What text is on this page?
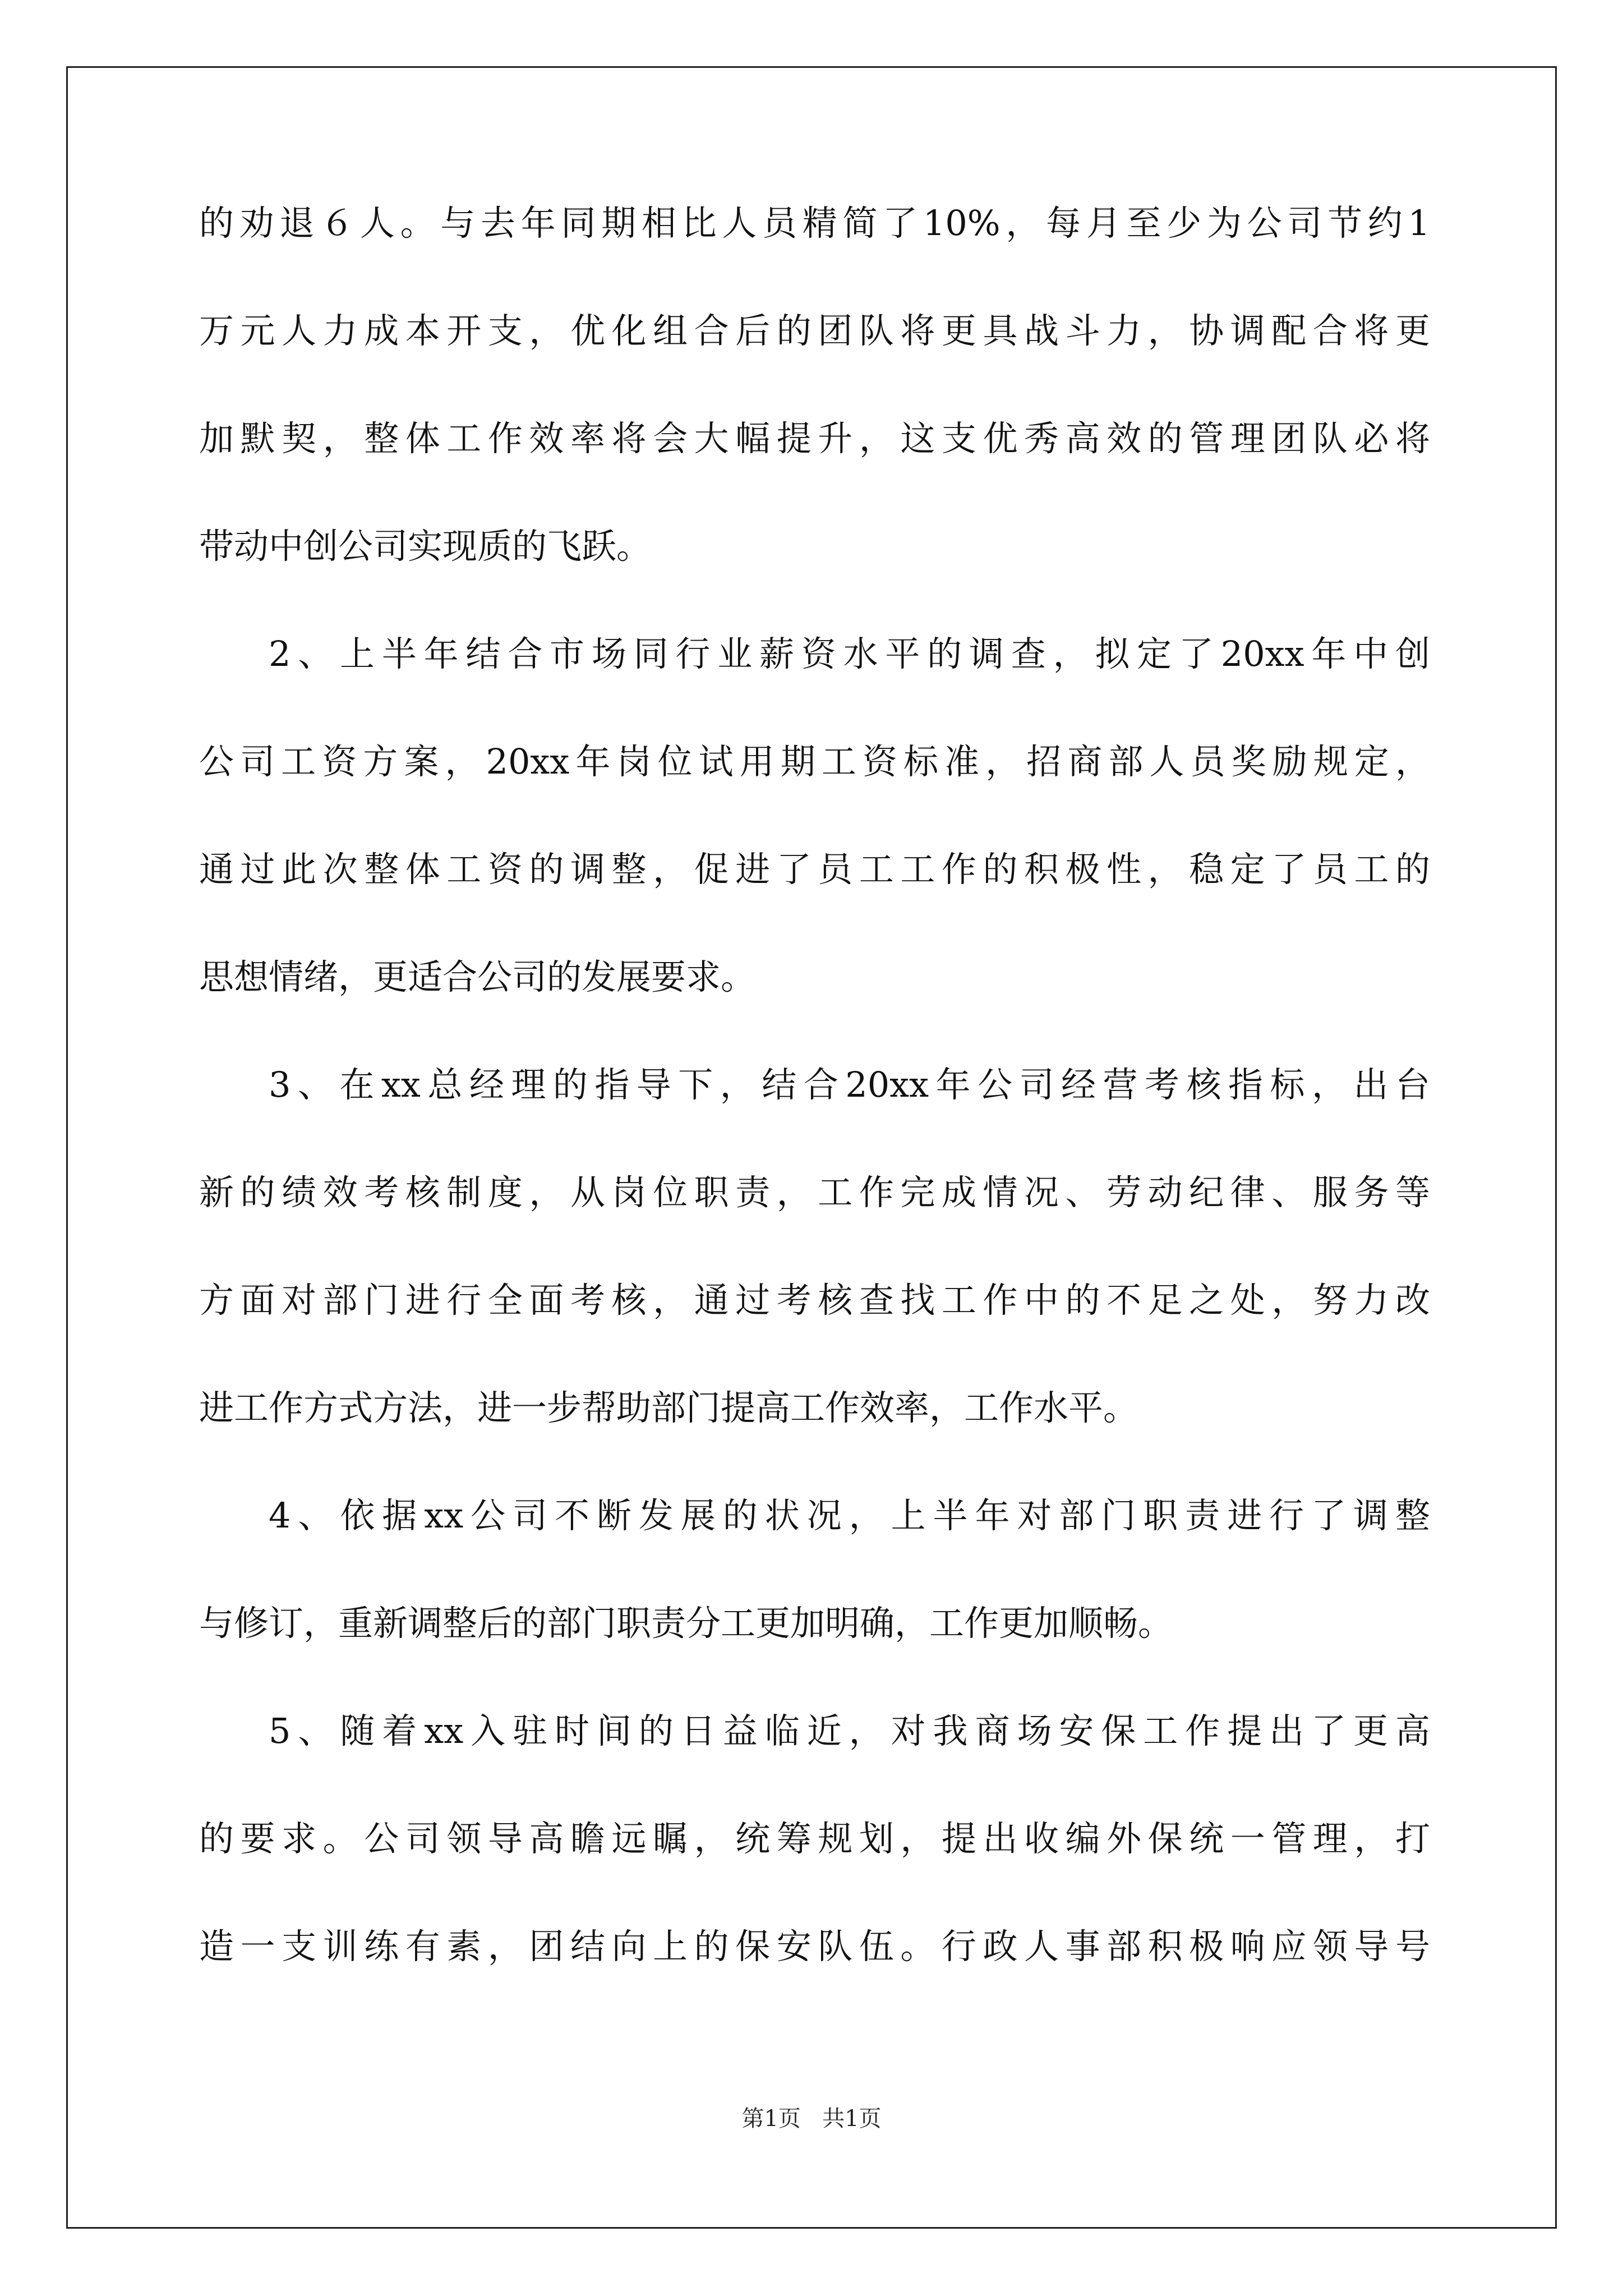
的劝退６人。与去年同期相比人员精简了10%，每月至少为公司节约1
万元人力成本开支，优化组合后的团队将更具战斗力，协调配合将更
加默契，整体工作效率将会大幅提升，这支优秀高效的管理团队必将
带动中创公司实现质的飞跃。
2、上半年结合市场同行业薪资水平的调查，拟定了20xx年中创
公司工资方案，20xx年岗位试用期工资标准，招商部人员奖励规定，
通过此次整体工资的调整，促进了员工工作的积极性，稳定了员工的
思想情绪，更适合公司的发展要求。
3、在xx总经理的指导下，结合20xx年公司经营考核指标，出台
新的绩效考核制度，从岗位职责，工作完成情况、劳动纪律、服务等
方面对部门进行全面考核，通过考核查找工作中的不足之处，努力改
进工作方式方法，进一步帮助部门提高工作效率，工作水平。
4、依据xx公司不断发展的状况，上半年对部门职责进行了调整
与修订，重新调整后的部门职责分工更加明确，工作更加顺畅。
5、随着xx入驻时间的日益临近，对我商场安保工作提出了更高
的要求。公司领导高瞻远瞩，统筹规划，提出收编外保统一管理，打
造一支训练有素，团结向上的保安队伍。行政人事部积极响应领导号
第1页 共1页
